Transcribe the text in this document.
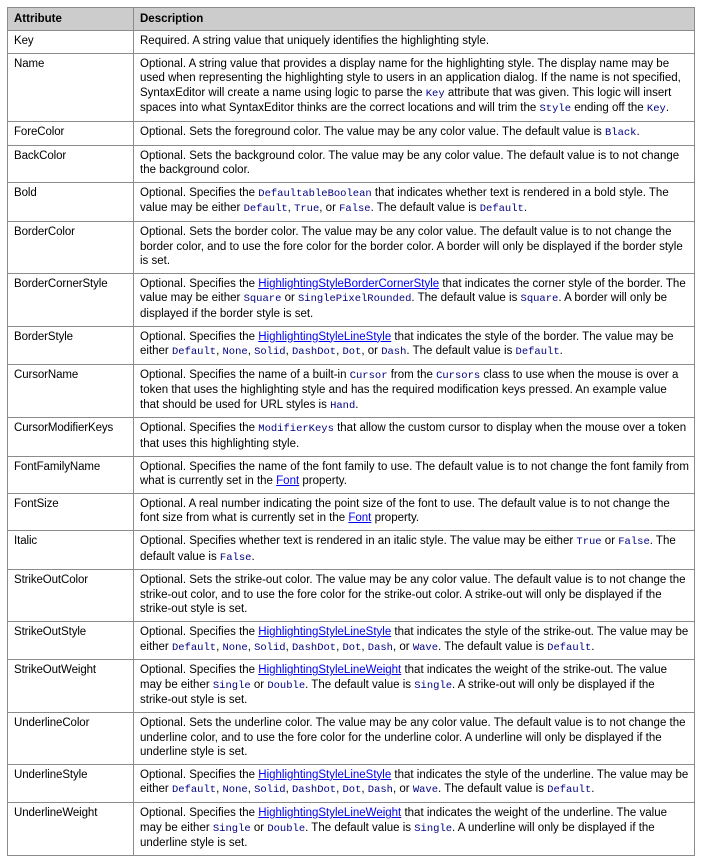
Attribute	Description
Key	Required. A string value that uniquely identifies the highlighting style.
Name	Optional. A string value that provides a display name for the highlighting style. The display name may be used when representing the highlighting style to users in an application dialog. If the name is not specified, SyntaxEditor will create a name using logic to parse the Key attribute that was given. This logic will insert spaces into what SyntaxEditor thinks are the correct locations and will trim the Style ending off the Key.
ForeColor	Optional. Sets the foreground color. The value may be any color value. The default value is Black.
BackColor	Optional. Sets the background color. The value may be any color value. The default value is to not change the background color.
Bold	Optional. Specifies the DefaultableBoolean that indicates whether text is rendered in a bold style. The value may be either Default, True, or False. The default value is Default.
BorderColor	Optional. Sets the border color. The value may be any color value. The default value is to not change the border color, and to use the fore color for the border color. A border will only be displayed if the border style is set.
BorderCornerStyle	Optional. Specifies the HighlightingStyleBorderCornerStyle that indicates the corner style of the border. The value may be either Square or SinglePixelRounded. The default value is Square. A border will only be displayed if the border style is set.
BorderStyle	Optional. Specifies the HighlightingStyleLineStyle that indicates the style of the border. The value may be either Default, None, Solid, DashDot, Dot, or Dash. The default value is Default.
CursorName	Optional. Specifies the name of a built-in Cursor from the Cursors class to use when the mouse is over a token that uses the highlighting style and has the required modification keys pressed. An example value that should be used for URL styles is Hand.
CursorModifierKeys	Optional. Specifies the ModifierKeys that allow the custom cursor to display when the mouse over a token that uses this highlighting style.
FontFamilyName	Optional. Specifies the name of the font family to use. The default value is to not change the font family from what is currently set in the Font property.
FontSize	Optional. A real number indicating the point size of the font to use. The default value is to not change the font size from what is currently set in the Font property.
Italic	Optional. Specifies whether text is rendered in an italic style. The value may be either True or False. The default value is False.
StrikeOutColor	Optional. Sets the strike-out color. The value may be any color value. The default value is to not change the strike-out color, and to use the fore color for the strike-out color. A strike-out will only be displayed if the strike-out style is set.
StrikeOutStyle	Optional. Specifies the HighlightingStyleLineStyle that indicates the style of the strike-out. The value may be either Default, None, Solid, DashDot, Dot, Dash, or Wave. The default value is Default.
StrikeOutWeight	Optional. Specifies the HighlightingStyleLineWeight that indicates the weight of the strike-out. The value may be either Single or Double. The default value is Single. A strike-out will only be displayed if the strike-out style is set.
UnderlineColor	Optional. Sets the underline color. The value may be any color value. The default value is to not change the underline color, and to use the fore color for the underline color. A underline will only be displayed if the underline style is set.
UnderlineStyle	Optional. Specifies the HighlightingStyleLineStyle that indicates the style of the underline. The value may be either Default, None, Solid, DashDot, Dot, Dash, or Wave. The default value is Default.
UnderlineWeight	Optional. Specifies the HighlightingStyleLineWeight that indicates the weight of the underline. The value may be either Single or Double. The default value is Single. A underline will only be displayed if the underline style is set.
